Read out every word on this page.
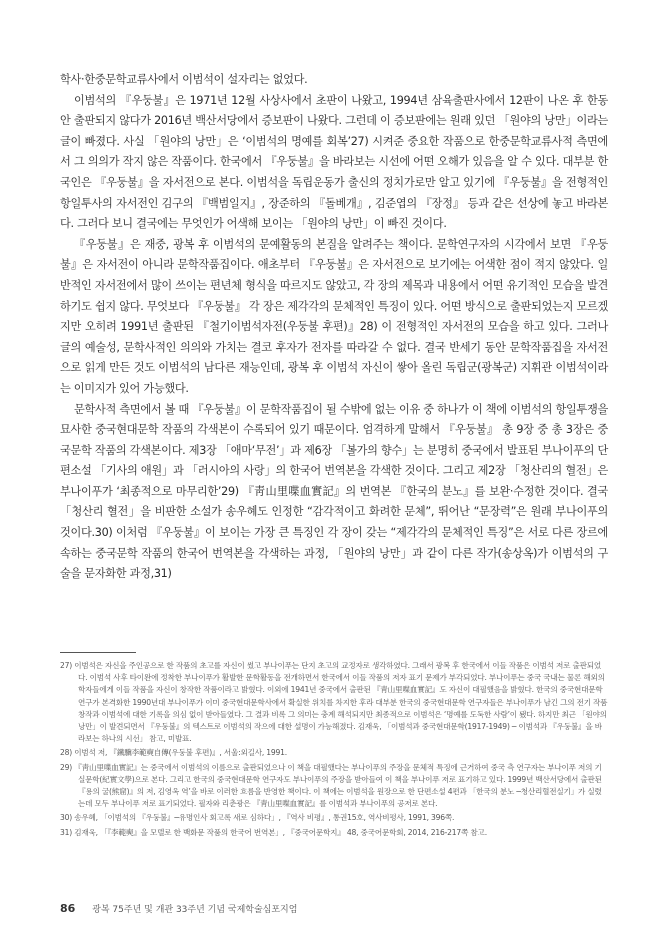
학사·한중문학교류사에서 이범석이 설자리는 없었다.

이범석의 『우둥불』은 1971년 12월 사상사에서 초판이 나왔고, 1994년 삼육출판사에서 12판이 나온 후 한동안 출판되지 않다가 2016년 백산서당에서 증보판이 나왔다. 그런데 이 증보판에는 원래 있던 「원야의 낭만」이라는 글이 빠졌다. 사실 「원야의 낭만」은 ‘이범석의 명예를 회복’27) 시켜준 중요한 작품으로 한중문학교류사적 측면에서 그 의의가 작지 않은 작품이다. 한국에서 『우둥불』을 바라보는 시선에 어떤 오해가 있음을 알 수 있다. 대부분 한국인은 『우둥불』을 자서전으로 본다. 이범석을 독립운동가 출신의 정치가로만 알고 있기에 『우둥불』을 전형적인 항일투사의 자서전인 김구의 『백범일지』, 장준하의 『돌베개』, 김준엽의 『장정』 등과 같은 선상에 놓고 바라본다. 그러다 보니 결국에는 무엇인가 어색해 보이는 「원야의 낭만」이 빠진 것이다.

『우둥불』은 재중, 광복 후 이범석의 문예활동의 본질을 알려주는 책이다. 문학연구자의 시각에서 보면 『우둥불』은 자서전이 아니라 문학작품집이다. 애초부터 『우둥불』은 자서전으로 보기에는 어색한 점이 적지 않았다. 일반적인 자서전에서 많이 쓰이는 편년체 형식을 따르지도 않았고, 각 장의 제목과 내용에서 어떤 유기적인 모습을 발견하기도 쉽지 않다. 무엇보다 『우둥불』 각 장은 제각각의 문체적인 특징이 있다. 어떤 방식으로 출판되었는지 모르겠지만 오히려 1991년 출판된 『철기이범석자전(우둥불 후편)』28) 이 전형적인 자서전의 모습을 하고 있다. 그러나 글의 예술성, 문학사적인 의의와 가치는 결코 후자가 전자를 따라갈 수 없다. 결국 반세기 동안 문학작품집을 자서전으로 읽게 만든 것도 이범석의 남다른 재능인데, 광복 후 이범석 자신이 쌓아 올린 독립군(광복군) 지휘관 이범석이라는 이미지가 있어 가능했다.

문학사적 측면에서 볼 때 『우둥불』이 문학작품집이 될 수밖에 없는 이유 중 하나가 이 책에 이범석의 항일투쟁을 묘사한 중국현대문학 작품의 각색본이 수록되어 있기 때문이다. 엄격하게 말해서 『우둥불』 총 9장 중 총 3장은 중국문학 작품의 각색본이다. 제3장 「애마‘무전’」과 제6장 「볼가의 향수」는 분명히 중국에서 발표된 부나이푸의 단편소설 「기사의 애원」과 「러시아의 사랑」의 한국어 번역본을 각색한 것이다. 그리고 제2장 「청산리의 혈전」은 부나이푸가 ‘최종적으로 마무리한’29) 『靑山里喋血實記』의 번역본 『한국의 분노』를 보완·수정한 것이다. 결국 「청산리 혈전」을 비판한 소설가 송우혜도 인정한 “감각적이고 화려한 문체”, 뛰어난 “문장력”은 원래 부나이푸의 것이다.30) 이처럼 『우둥불』이 보이는 가장 큰 특징인 각 장이 갖는 “제각각의 문체적인 특징”은 서로 다른 장르에 속하는 중국문학 작품의 한국어 번역본을 각색하는 과정, 「원야의 낭만」과 같이 다른 작가(송상옥)가 이범석의 구술을 문자화한 과정,31)

27) 이범석은 자신을 주인공으로 한 작품의 초고를 자신이 썼고 부나이푸는 단지 초고의 교정자로 생각하였다. 그래서 광복 후 한국에서 이들 작품은 이범석 저로 출판되었다. 이범석 사후 타이완에 정착한 부나이푸가 활발한 문학활동을 전개하면서 한국에서 이들 작품의 저자 표기 문제가 부각되었다. 부나이푸는 중국 국내는 물론 해외의 학자들에게 이들 작품을 자신이 창작한 작품이라고 밝혔다. 이외에 1941년 중국에서 출판된 『靑山里喋血實記』도 자신이 대필했음을 밝혔다. 한국의 중국현대문학 연구가 본격화한 1990년대 부나이푸가 이미 중국현대문학사에서 확실한 위치를 차지한 후라 대부분 한국의 중국현대문학 연구자들은 부나이푸가 남긴 그의 전기 작품 창작과 이범석에 대한 기록을 의심 없이 받아들였다. 그 결과 비록 그 의미는 충계 해석되지만 최종적으로 이범석은 ‘명예를 도둑한 사람’이 됐다. 하지만 최근 「원야의 낭만」이 발견되면서 『우둥불』의 텍스트로 이범석의 작으에 대한 설명이 가능해졌다. 김재욱, 「이범석과 중국현대문학(1917-1949) ─ 이범석과 『우둥불』을 바라보는 하나의 시선」 참고, 미발표.

28) 이범석 저, 『鐵驥李範奭自傳(우둥불 후편)』, 서울:외길사, 1991.

29) 『靑山里喋血實記』는 중국에서 이범석의 이름으로 출판되었으나 이 책을 대필했다는 부나이푸의 주장을 문체적 특징에 근거하여 중국 측 연구자는 부나이푸 저의 기실문학(紀實文學)으로 본다. 그리고 한국의 중국현대문학 연구자도 부나이푸의 주장을 받아들여 이 책을 부나이푸 저로 표기하고 있다. 1999년 백산서당에서 출판된 『용의 굴(熊窟)』의 저, 김영옥 역’을 바로 이러한 흐름을 반영한 책이다. 이 책에는 이범석을 원장으로 한 단편소설 4편과 「한국의 분노 ─청산리혈전실기」가 실렸는데 모두 부나이푸 저로 표기되었다. 필자와 리춘광은 『靑山里喋血實記』를 이범석과 부나이푸의 공저로 본다.

30) 송우혜, 「이범석의 『우둥불』─유명인사 회고록 새로 심하다」, 『역사 비평』, 통권15호, 역사비평사, 1991, 396쪽.

31) 김재욱, 「『李範奭』을 모델로 한 백화문 작품의 한국어 번역본」, 『중국어문학지』 48, 중국어문학회, 2014, 216-217쪽 참고.

86 광복 75주년 및 개관 33주년 기념 국제학술심포지엄
